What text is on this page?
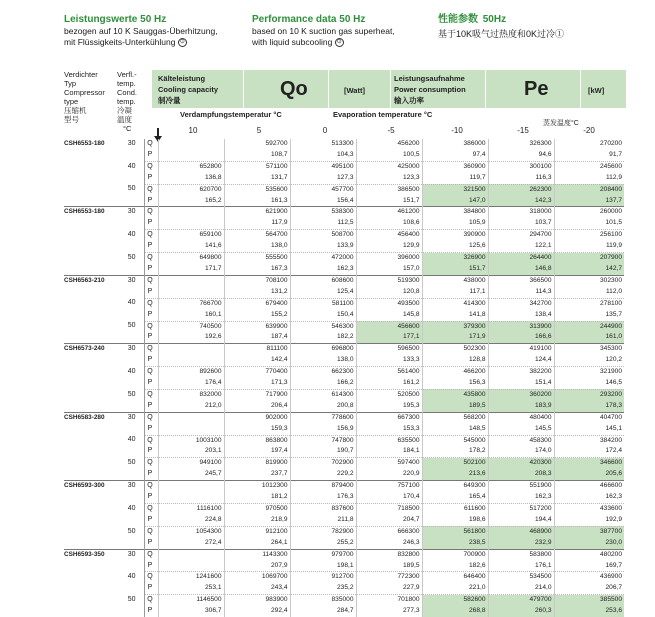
Leistungswerte 50 Hz
bezogen auf 10 K Sauggas-Überhitzung,
mit Flüssigkeits-Unterkühlung ⊙
Performance data 50 Hz
based on 10 K suction gas superheat,
with liquid subcooling ⊙
性能参数 50Hz
基于10K吸气过热度和0K过冷①
Verdichter
Typ
Compressor
type
压缩机
型号
Verfl.-
temp.
Cond.
temp.
冷凝
温度
°C
Kälteleistung
Cooling capacity
制冷量
Qo	[Watt]
Leistungsaufnahme
Power consumption
输入功率
Pe	[kW]
Verdampfungstemperatur °C	Evaporation temperature °C
蒸发温度°C
10	5	0	-5	-10	-15	-20
CSH6553-180	30	Q		592700	513300	456200	386000	326300	270200
		P		108,7	104,3	100,5	97,4	94,6	91,7
	40	Q	652800	571100	495100	425000	360900	300100	245600
		P	136,8	131,7	127,3	123,3	119,7	116,3	112,9
	50	Q	620700	535600	457700	386500	321500	262300	208400
		P	165,2	161,3	156,4	151,7	147,0	142,3	137,7
CSH6553-180	30	Q		621900	538300	461200	384800	318000	260000
		P		117,9	112,5	108,6	105,9	103,7	101,5
	40	Q	659100	564700	508700	456400	390900	294700	256100
		P	141,6	138,0	133,9	129,9	125,6	122,1	119,9
	50	Q	649800	555500	472000	396000	326900	264400	207900
		P	171,7	167,3	162,3	157,0	151,7	146,8	142,7
CSH6563-210	30	Q		708100	608600	519300	438000	366500	302300
		P		131,2	125,4	120,8	117,1	114,3	112,0
	40	Q	766700	679400	581100	493500	414300	342700	278100
		P	160,1	155,2	150,4	145,8	141,8	138,4	135,7
	50	Q	740500	639900	546300	456600	379300	313900	244900
		P	192,6	187,4	182,2	177,1	171,9	166,6	161,0
CSH6573-240	30	Q		811100	696800	596500	502300	419100	345300
		P		142,4	138,0	133,3	128,8	124,4	120,2
	40	Q	892600	770400	662300	561400	466200	382200	321900
		P	176,4	171,3	166,2	161,2	156,3	151,4	146,5
	50	Q	832000	717900	614300	520500	435800	360200	293200
		P	212,0	206,4	200,8	195,3	189,5	183,9	178,3
CSH6583-280	30	Q		902000	778600	667300	568200	480400	404700
		P		159,3	156,9	153,3	148,5	145,5	145,1
	40	Q	1003100	863800	747800	635500	545000	458300	384200
		P	203,1	197,4	190,7	184,1	178,2	174,0	172,4
	50	Q	949100	819900	702900	597400	502100	420300	346600
		P	245,7	237,7	229,2	220,9	213,6	208,3	205,6
CSH6593-300	30	Q		1012300	879400	757100	649300	551900	466600
		P		181,2	176,3	170,4	165,4	162,3	162,3
	40	Q	1116100	970500	837600	718500	611600	517200	433600
		P	224,8	218,9	211,8	204,7	198,6	194,4	192,9
	50	Q	1054300	912100	782900	666300	561800	468900	387700
		P	272,4	264,1	255,2	246,3	238,5	232,9	230,0
CSH6593-350	30	Q		1143300	979700	832800	700900	583800	480200
		P		207,9	198,1	189,5	182,6	176,1	169,7
	40	Q	1241600	1069700	912700	772300	646400	534500	436900
		P	253,1	243,4	235,2	227,9	221,0	214,0	206,7
	50	Q	1146500	983900	835000	701800	582600	479700	385500
		P	306,7	292,4	284,7	277,3	268,8	260,3	253,6
